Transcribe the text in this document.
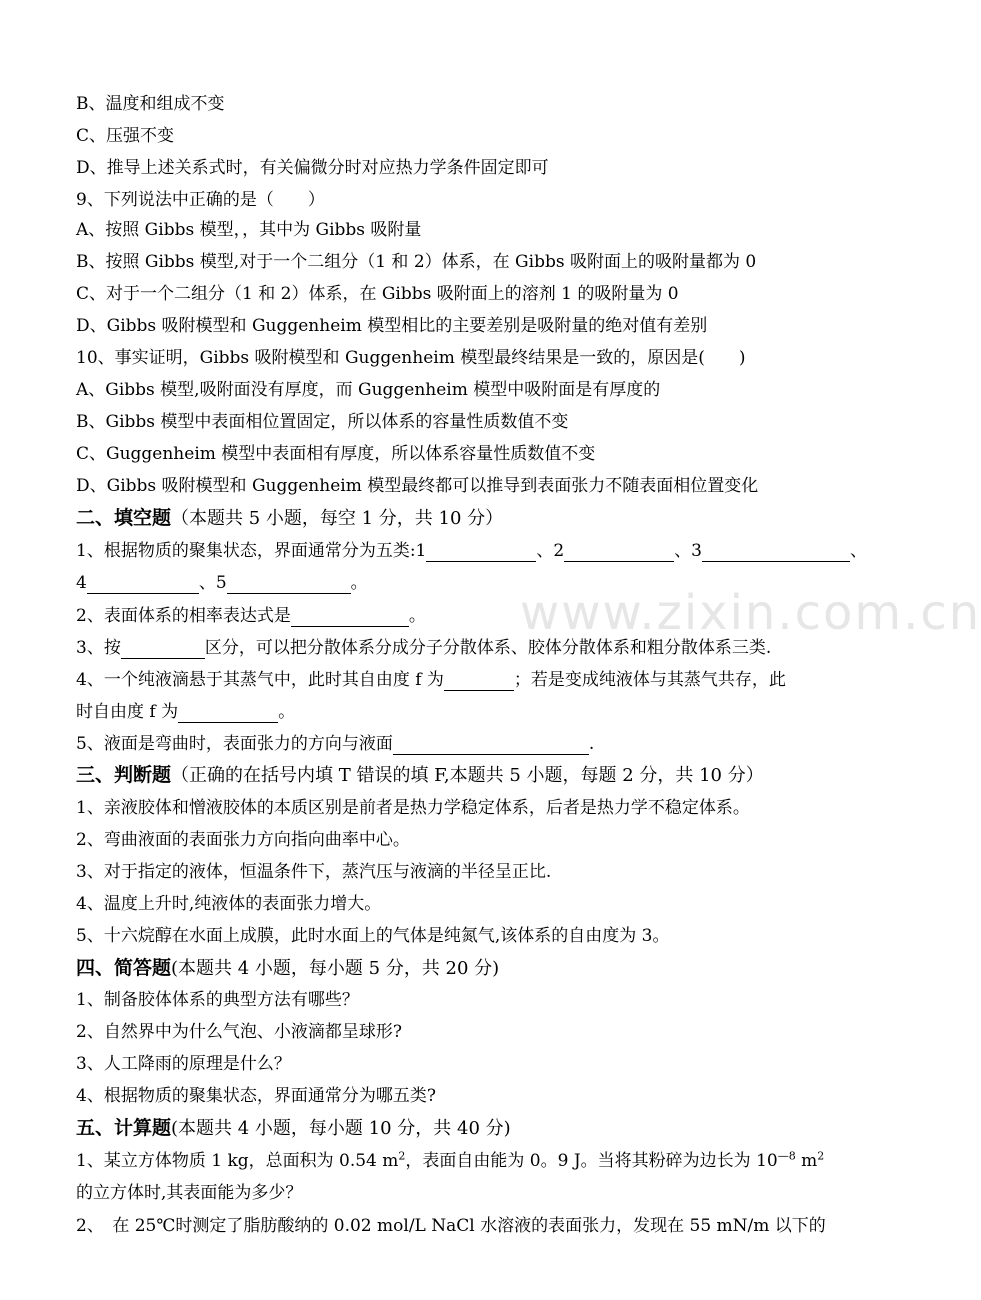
www.zixin.com.cn
B、温度和组成不变
C、压强不变
D、推导上述关系式时，有关偏微分时对应热力学条件固定即可
9、下列说法中正确的是（　　）
A、按照 Gibbs 模型，，其中为 Gibbs 吸附量
B、按照 Gibbs 模型,对于一个二组分（1 和 2）体系，在 Gibbs 吸附面上的吸附量都为 0
C、对于一个二组分（1 和 2）体系，在 Gibbs 吸附面上的溶剂 1 的吸附量为 0
D、Gibbs 吸附模型和 Guggenheim 模型相比的主要差别是吸附量的绝对值有差别
10、事实证明，Gibbs 吸附模型和 Guggenheim 模型最终结果是一致的，原因是(　　)
A、Gibbs 模型,吸附面没有厚度，而 Guggenheim 模型中吸附面是有厚度的
B、Gibbs 模型中表面相位置固定，所以体系的容量性质数值不变
C、Guggenheim 模型中表面相有厚度，所以体系容量性质数值不变
D、Gibbs 吸附模型和 Guggenheim 模型最终都可以推导到表面张力不随表面相位置变化
二、填空题（本题共 5 小题，每空 1 分，共 10 分）
1、根据物质的聚集状态，界面通常分为五类:1	、2	、3	、
4	、5	。
2、表面体系的相率表达式是	。
3、按	区分，可以把分散体系分成分子分散体系、胶体分散体系和粗分散体系三类.
4、一个纯液滴悬于其蒸气中，此时其自由度 f 为	；若是变成纯液体与其蒸气共存，此
时自由度 f 为	。
5、液面是弯曲时，表面张力的方向与液面	.
三、判断题（正确的在括号内填 T 错误的填 F,本题共 5 小题，每题 2 分，共 10 分）
1、亲液胶体和憎液胶体的本质区别是前者是热力学稳定体系，后者是热力学不稳定体系。
2、弯曲液面的表面张力方向指向曲率中心。
3、对于指定的液体，恒温条件下，蒸汽压与液滴的半径呈正比.
4、温度上升时,纯液体的表面张力增大。
5、十六烷醇在水面上成膜，此时水面上的气体是纯氮气,该体系的自由度为 3。
四、简答题(本题共 4 小题，每小题 5 分，共 20 分)
1、制备胶体体系的典型方法有哪些？
2、自然界中为什么气泡、小液滴都呈球形?
3、人工降雨的原理是什么？
4、根据物质的聚集状态，界面通常分为哪五类?
五、计算题(本题共 4 小题，每小题 10 分，共 40 分)
1、某立方体物质 1 kg，总面积为 0.54 $m^2$，表面自由能为 0。9 J。当将其粉碎为边长为 $10^{—8}$ $m^2$
的立方体时,其表面能为多少？
2、　在 25℃时测定了脂肪酸纳的 0.02 mol/L NaCl 水溶液的表面张力，发现在 55 mN/m 以下的
